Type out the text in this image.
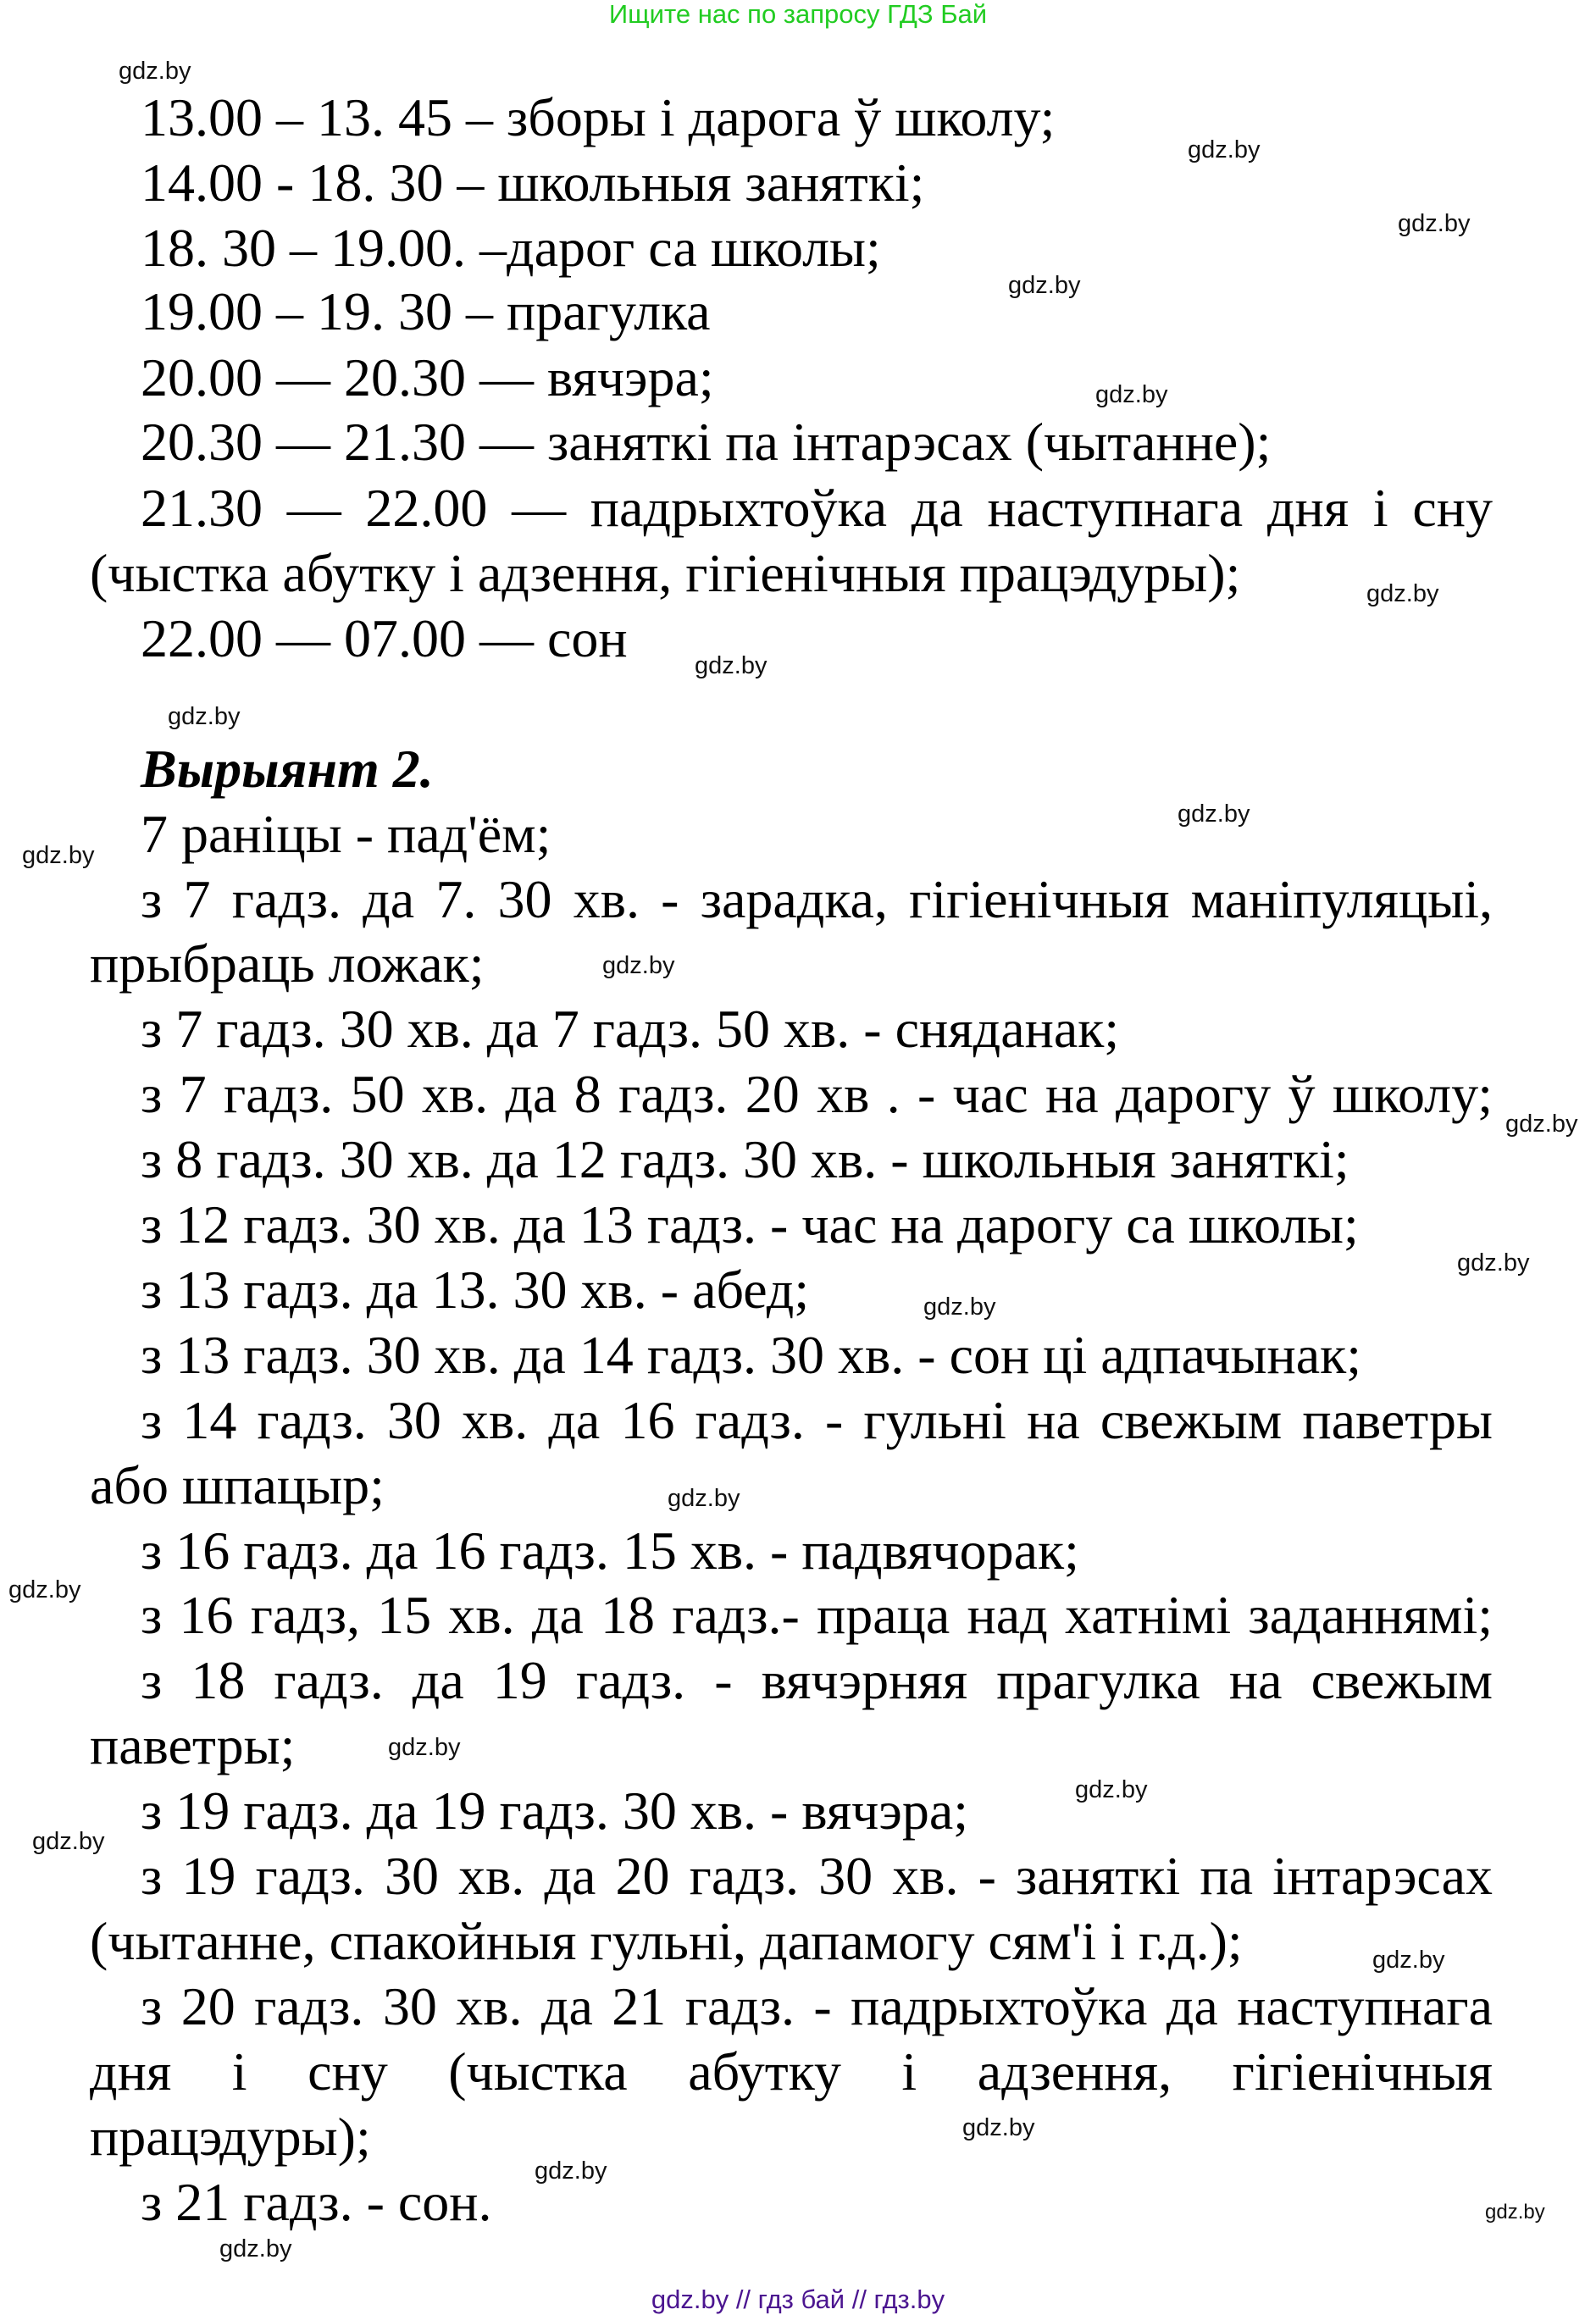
Ищите нас по запросу ГДЗ Бай
13.00 – 13. 45 – зборы і дарога ў школу;
14.00 - 18. 30 – школьныя заняткі;
18. 30 – 19.00. –дарог са школы;
19.00 – 19. 30 – прагулка
20.00 — 20.30 — вячэра;
20.30 — 21.30 — заняткі па інтарэсах (чытанне);
21.30 — 22.00 — падрыхтоўка да наступнага дня і сну
(чыстка абутку і адзення, гігіенічныя працэдуры);
22.00 — 07.00 — сон
Вырыянт 2.
7 раніцы - пад'ём;
з 7 гадз. да 7. 30 хв. - зарадка, гігіенічныя маніпуляцыі,
прыбраць ложак;
з 7 гадз. 30 хв. да 7 гадз. 50 хв. - сняданак;
з 7 гадз. 50 хв. да 8 гадз. 20 хв . - час на дарогу ў школу;
з 8 гадз. 30 хв. да 12 гадз. 30 хв. - школьныя заняткі;
з 12 гадз. 30 хв. да 13 гадз. - час на дарогу са школы;
з 13 гадз. да 13. 30 хв. - абед;
з 13 гадз. 30 хв. да 14 гадз. 30 хв. - сон ці адпачынак;
з 14 гадз. 30 хв. да 16 гадз. - гульні на свежым паветры
або шпацыр;
з 16 гадз. да 16 гадз. 15 хв. - падвячорак;
з 16 гадз, 15 хв. да 18 гадз.- праца над хатнімі заданнямі;
з 18 гадз. да 19 гадз. - вячэрняя прагулка на свежым
паветры;
з 19 гадз. да 19 гадз. 30 хв. - вячэра;
з 19 гадз. 30 хв. да 20 гадз. 30 хв. - заняткі па інтарэсах
(чытанне, спакойныя гульні, дапамогу сям'і і г.д.);
з 20 гадз. 30 хв. да 21 гадз. - падрыхтоўка да наступнага
дня і сну (чыстка абутку і адзення, гігіенічныя
працэдуры);
з 21 гадз. - сон.
gdz.by
gdz.by
gdz.by
gdz.by
gdz.by
gdz.by
gdz.by
gdz.by
gdz.by
gdz.by
gdz.by
gdz.by
gdz.by
gdz.by
gdz.by
gdz.by
gdz.by
gdz.by
gdz.by
gdz.by
gdz.by
gdz.by
gdz.by
gdz.by
gdz.by // гдз бай // гдз.by
